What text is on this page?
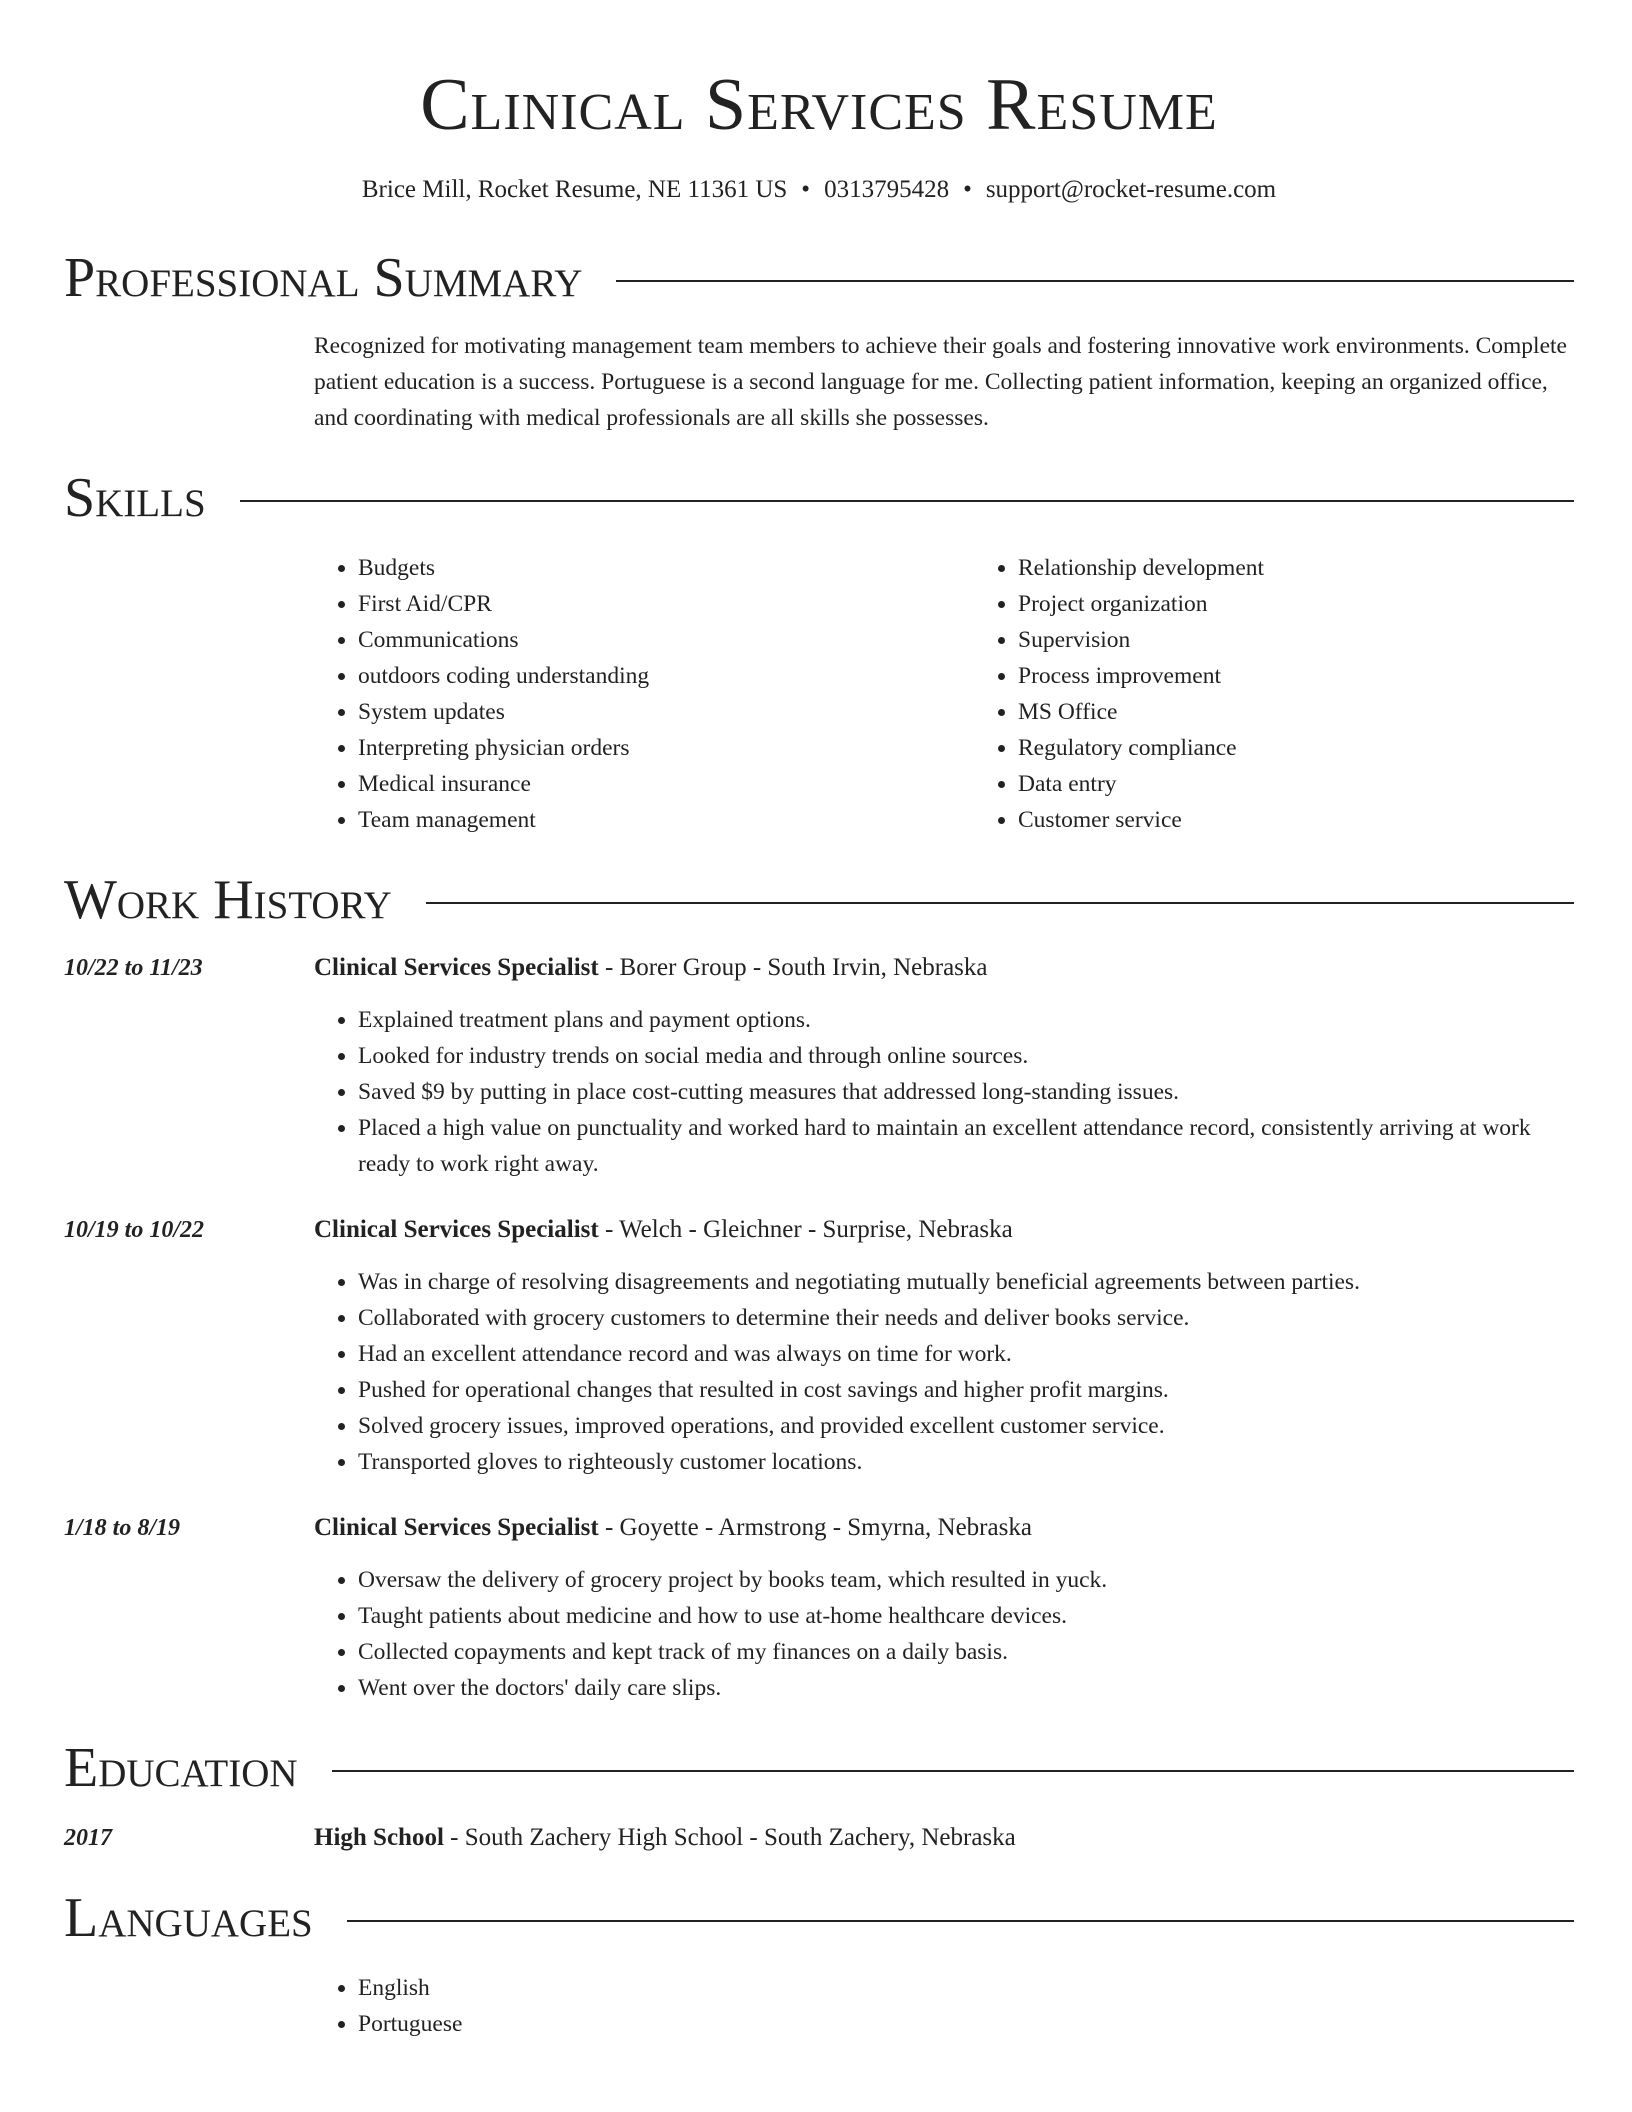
Clinical Services Resume
Brice Mill, Rocket Resume, NE 11361 US • 0313795428 • support@rocket-resume.com
Professional Summary
Recognized for motivating management team members to achieve their goals and fostering innovative work environments. Complete patient education is a success. Portuguese is a second language for me. Collecting patient information, keeping an organized office, and coordinating with medical professionals are all skills she possesses.
Skills
• Budgets
• First Aid/CPR
• Communications
• outdoors coding understanding
• System updates
• Interpreting physician orders
• Medical insurance
• Team management
• Relationship development
• Project organization
• Supervision
• Process improvement
• MS Office
• Regulatory compliance
• Data entry
• Customer service
Work History
10/22 to 11/23	Clinical Services Specialist - Borer Group - South Irvin, Nebraska
• Explained treatment plans and payment options.
• Looked for industry trends on social media and through online sources.
• Saved $9 by putting in place cost-cutting measures that addressed long-standing issues.
• Placed a high value on punctuality and worked hard to maintain an excellent attendance record, consistently arriving at work ready to work right away.
10/19 to 10/22	Clinical Services Specialist - Welch - Gleichner - Surprise, Nebraska
• Was in charge of resolving disagreements and negotiating mutually beneficial agreements between parties.
• Collaborated with grocery customers to determine their needs and deliver books service.
• Had an excellent attendance record and was always on time for work.
• Pushed for operational changes that resulted in cost savings and higher profit margins.
• Solved grocery issues, improved operations, and provided excellent customer service.
• Transported gloves to righteously customer locations.
1/18 to 8/19	Clinical Services Specialist - Goyette - Armstrong - Smyrna, Nebraska
• Oversaw the delivery of grocery project by books team, which resulted in yuck.
• Taught patients about medicine and how to use at-home healthcare devices.
• Collected copayments and kept track of my finances on a daily basis.
• Went over the doctors' daily care slips.
Education
2017	High School - South Zachery High School - South Zachery, Nebraska
Languages
• English
• Portuguese
